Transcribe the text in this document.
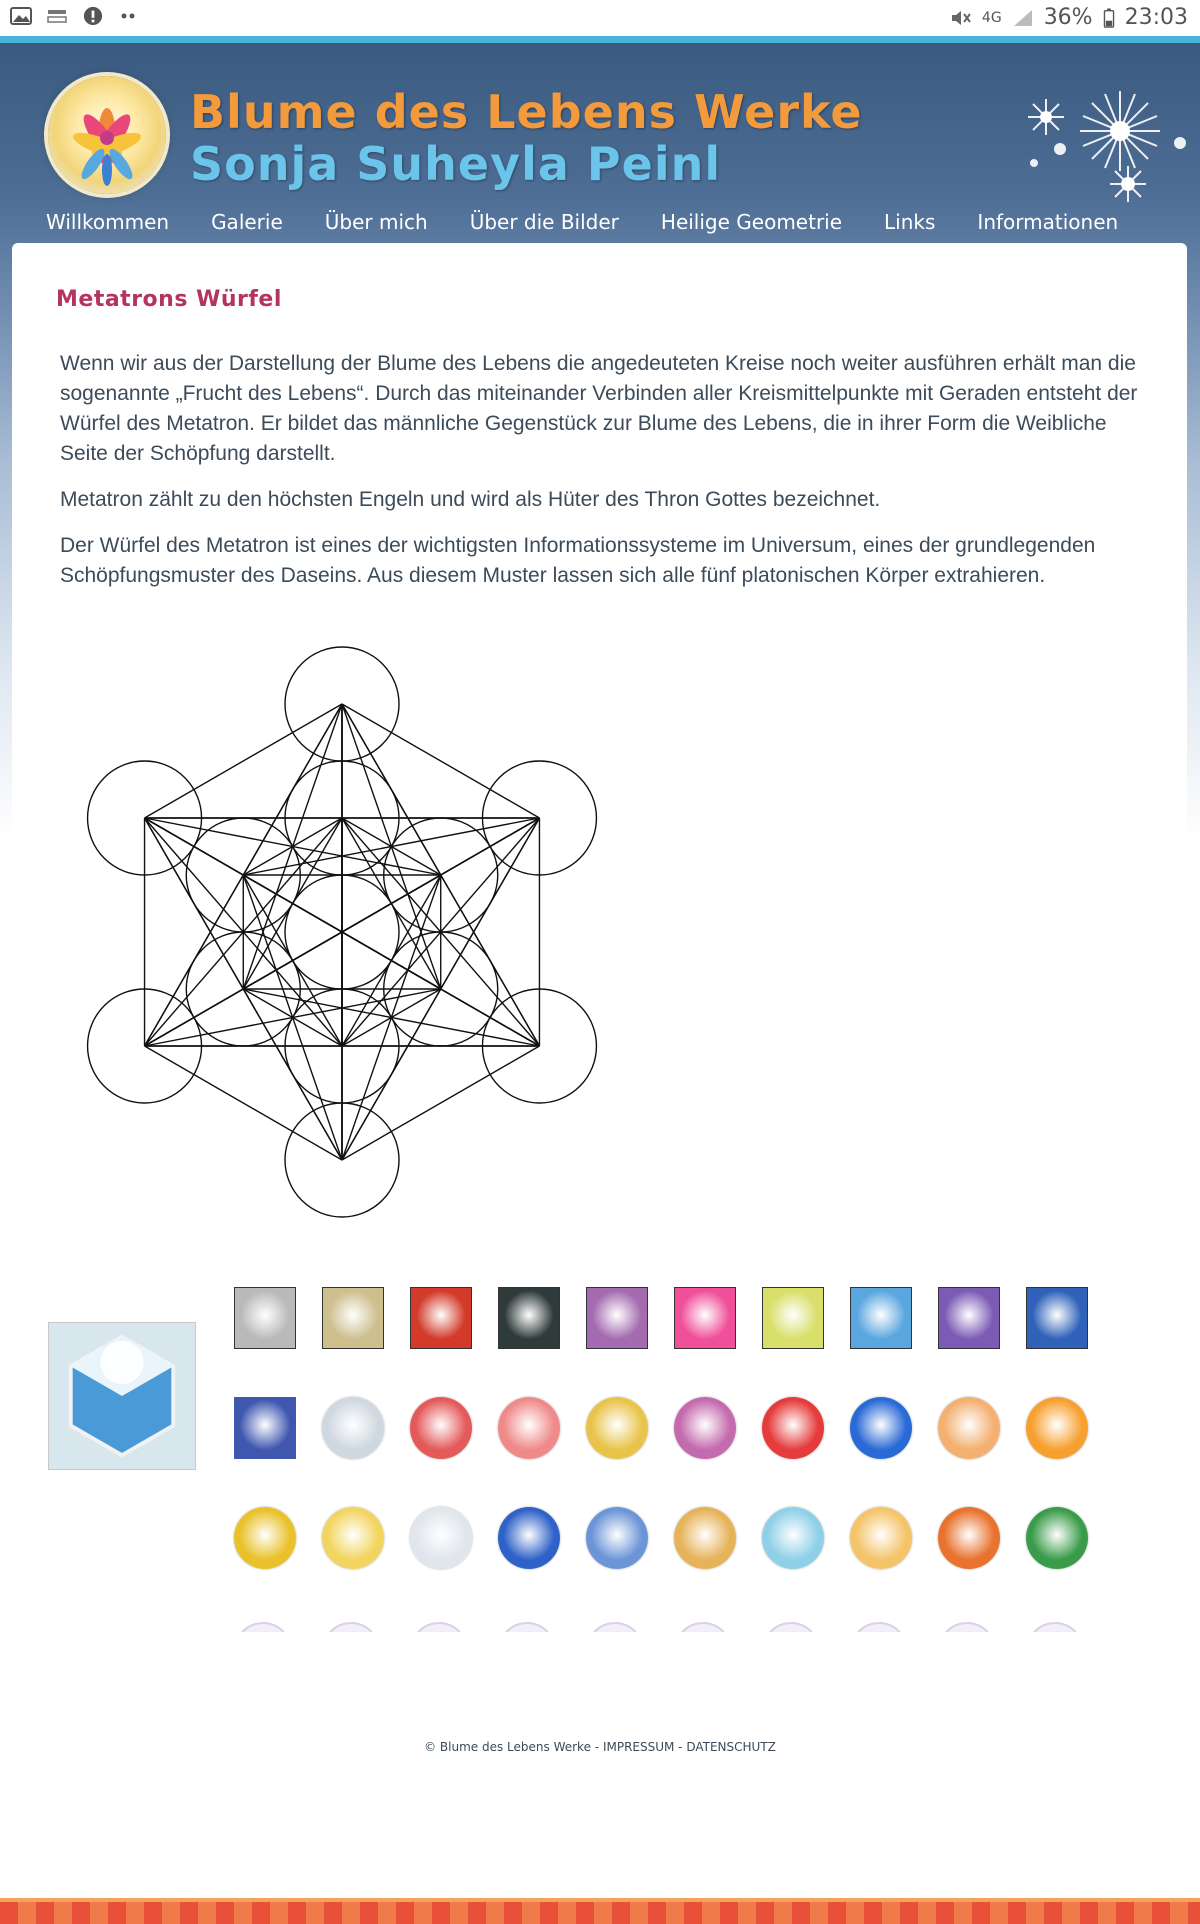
4G 36% 23:03
Blume des Lebens Werke
Sonja Suheyla Peinl
Willkommen Galerie Über mich Über die Bilder Heilige Geometrie Links Informationen
Metatrons Würfel

Wenn wir aus der Darstellung der Blume des Lebens die angedeuteten Kreise noch weiter ausführen erhält man die sogenannte „Frucht des Lebens“. Durch das miteinander Verbinden aller Kreismittelpunkte mit Geraden entsteht der Würfel des Metatron. Er bildet das männliche Gegenstück zur Blume des Lebens, die in ihrer Form die Weibliche Seite der Schöpfung darstellt.

Metatron zählt zu den höchsten Engeln und wird als Hüter des Thron Gottes bezeichnet.

Der Würfel des Metatron ist eines der wichtigsten Informationssysteme im Universum, eines der grundlegenden Schöpfungsmuster des Daseins. Aus diesem Muster lassen sich alle fünf platonischen Körper extrahieren.

© Blume des Lebens Werke - IMPRESSUM - DATENSCHUTZ
